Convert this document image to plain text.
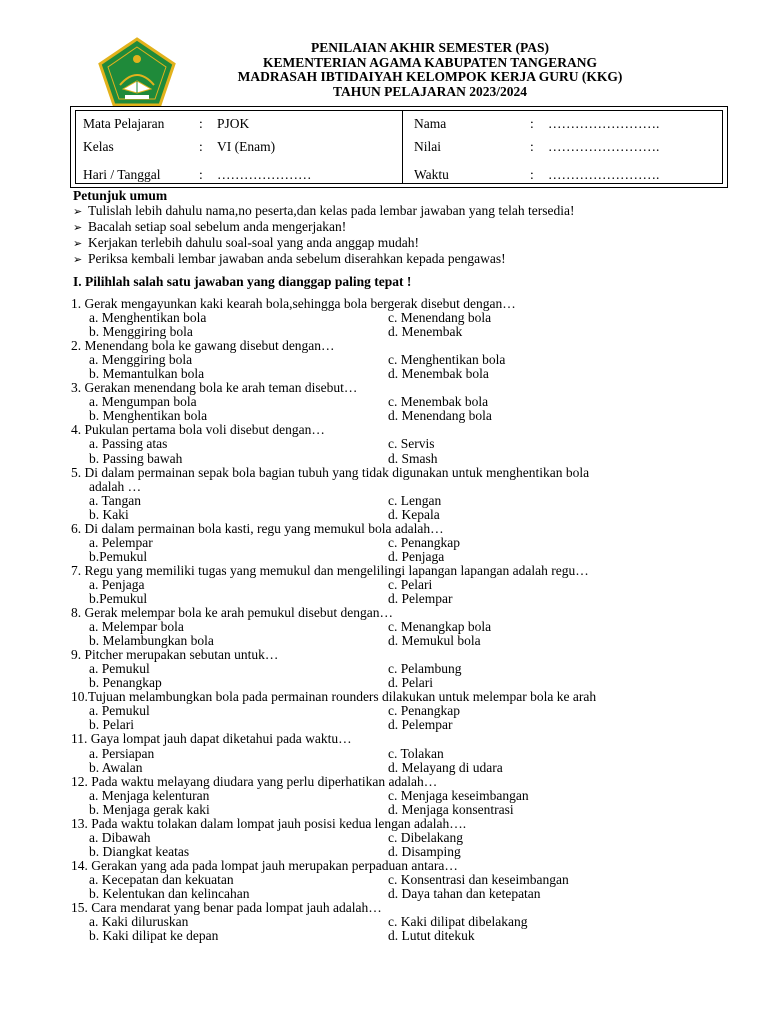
PENILAIAN AKHIR SEMESTER (PAS)
KEMENTERIAN AGAMA KABUPATEN TANGERANG
MADRASAH IBTIDAIYAH KELOMPOK KERJA GURU (KKG)
TAHUN PELAJARAN 2023/2024
Mata Pelajaran	: PJOK
Kelas	: VI (Enam)
Hari / Tanggal	: …………………
Nama	: …………………….
Nilai	: …………………….
Waktu	: …………………….
Petunjuk umum
➢ Tulislah lebih dahulu nama,no peserta,dan kelas pada lembar jawaban yang telah tersedia!
➢ Bacalah setiap soal sebelum anda mengerjakan!
➢ Kerjakan terlebih dahulu soal-soal yang anda anggap mudah!
➢ Periksa kembali lembar jawaban anda sebelum diserahkan kepada pengawas!
I. Pilihlah salah satu jawaban yang dianggap paling tepat !
1. Gerak mengayunkan kaki kearah bola,sehingga bola bergerak disebut dengan…
a. Menghentikan bola	c. Menendang bola
b. Menggiring bola	d. Menembak
2. Menendang bola ke gawang disebut dengan…
a. Menggiring bola	c. Menghentikan bola
b. Memantulkan bola	d. Menembak bola
3. Gerakan menendang bola ke arah teman disebut…
a. Mengumpan bola	c. Menembak bola
b. Menghentikan bola	d. Menendang bola
4. Pukulan pertama bola voli disebut dengan…
a. Passing atas	c. Servis
b. Passing bawah	d. Smash
5. Di dalam permainan sepak bola bagian tubuh yang tidak digunakan untuk menghentikan bola
adalah …
a. Tangan	c. Lengan
b. Kaki	d. Kepala
6. Di dalam permainan bola kasti, regu yang memukul bola adalah…
a. Pelempar	c. Penangkap
b.Pemukul	d. Penjaga
7. Regu yang memiliki tugas yang memukul dan mengelilingi lapangan lapangan adalah regu…
a. Penjaga	c. Pelari
b.Pemukul	d. Pelempar
8. Gerak melempar bola ke arah pemukul disebut dengan…
a. Melempar bola	c. Menangkap bola
b. Melambungkan bola	d. Memukul bola
9. Pitcher merupakan sebutan untuk…
a. Pemukul	c. Pelambung
b. Penangkap	d. Pelari
10.Tujuan melambungkan bola pada permainan rounders dilakukan untuk melempar bola ke arah
a. Pemukul	c. Penangkap
b. Pelari	d. Pelempar
11. Gaya lompat jauh dapat diketahui pada waktu…
a. Persiapan	c. Tolakan
b. Awalan	d. Melayang di udara
12. Pada waktu melayang diudara yang perlu diperhatikan adalah…
a. Menjaga kelenturan	c. Menjaga keseimbangan
b. Menjaga gerak kaki	d. Menjaga konsentrasi
13. Pada waktu tolakan dalam lompat jauh posisi kedua lengan adalah….
a. Dibawah	c. Dibelakang
b. Diangkat keatas	d. Disamping
14. Gerakan yang ada pada lompat jauh merupakan perpaduan antara…
a. Kecepatan dan kekuatan	c. Konsentrasi dan keseimbangan
b. Kelentukan dan kelincahan	d. Daya tahan dan ketepatan
15. Cara mendarat yang benar pada lompat jauh adalah…
a. Kaki diluruskan	c. Kaki dilipat dibelakang
b. Kaki dilipat ke depan	d. Lutut ditekuk
